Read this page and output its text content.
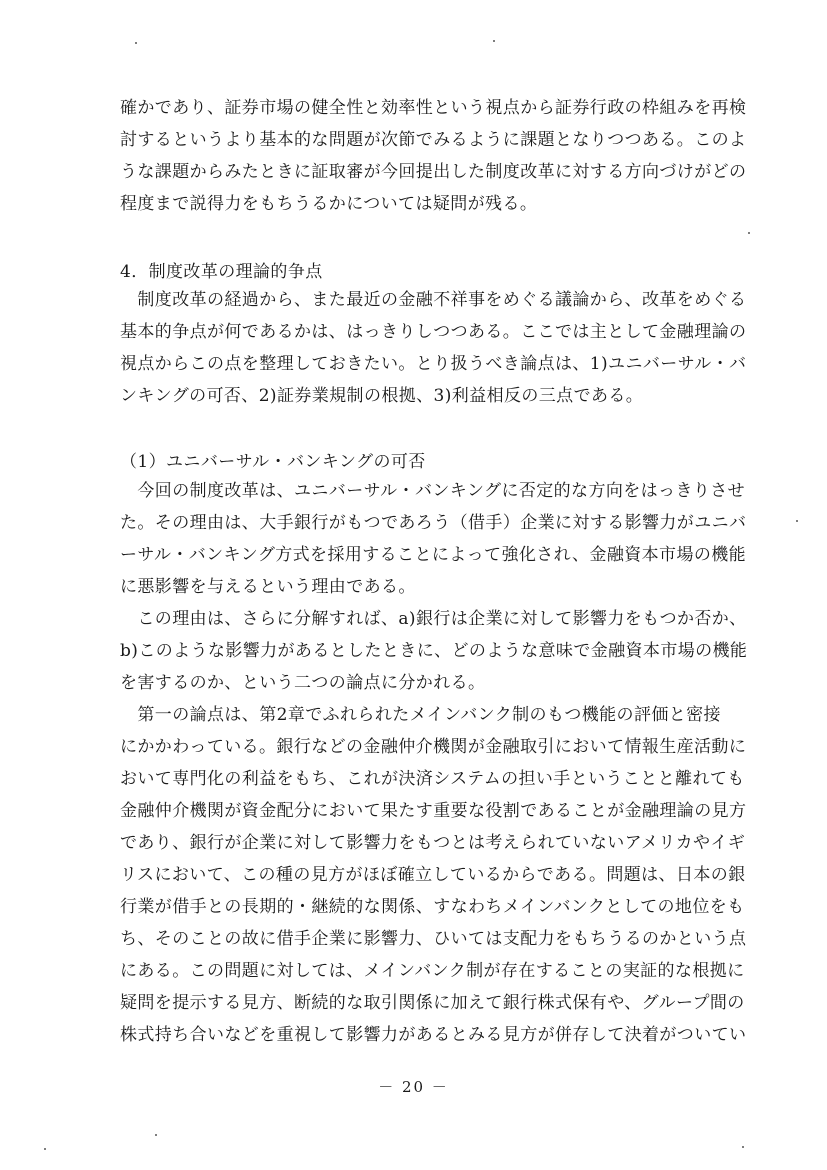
確かであり、証券市場の健全性と効率性という視点から証券行政の枠組みを再検
討するというより基本的な問題が次節でみるように課題となりつつある。このよ
うな課題からみたときに証取審が今回提出した制度改革に対する方向づけがどの
程度まで説得力をもちうるかについては疑問が残る。
4．制度改革の理論的争点
　制度改革の経過から、また最近の金融不祥事をめぐる議論から、改革をめぐる
基本的争点が何であるかは、はっきりしつつある。ここでは主として金融理論の
視点からこの点を整理しておきたい。とり扱うべき論点は、1)ユニバーサル・バ
ンキングの可否、2)証券業規制の根拠、3)利益相反の三点である。
（1）ユニバーサル・バンキングの可否
　今回の制度改革は、ユニバーサル・バンキングに否定的な方向をはっきりさせ
た。その理由は、大手銀行がもつであろう（借手）企業に対する影響力がユニバ
ーサル・バンキング方式を採用することによって強化され、金融資本市場の機能
に悪影響を与えるという理由である。
　この理由は、さらに分解すれば、a)銀行は企業に対して影響力をもつか否か、
b)このような影響力があるとしたときに、どのような意味で金融資本市場の機能
を害するのか、という二つの論点に分かれる。
　第一の論点は、第2章でふれられたメインバンク制のもつ機能の評価と密接
にかかわっている。銀行などの金融仲介機関が金融取引において情報生産活動に
おいて専門化の利益をもち、これが決済システムの担い手ということと離れても
金融仲介機関が資金配分において果たす重要な役割であることが金融理論の見方
であり、銀行が企業に対して影響力をもつとは考えられていないアメリカやイギ
リスにおいて、この種の見方がほぼ確立しているからである。問題は、日本の銀
行業が借手との長期的・継続的な関係、すなわちメインバンクとしての地位をも
ち、そのことの故に借手企業に影響力、ひいては支配力をもちうるのかという点
にある。この問題に対しては、メインバンク制が存在することの実証的な根拠に
疑問を提示する見方、断続的な取引関係に加えて銀行株式保有や、グループ間の
株式持ち合いなどを重視して影響力があるとみる見方が併存して決着がついてい
－ 20 －
